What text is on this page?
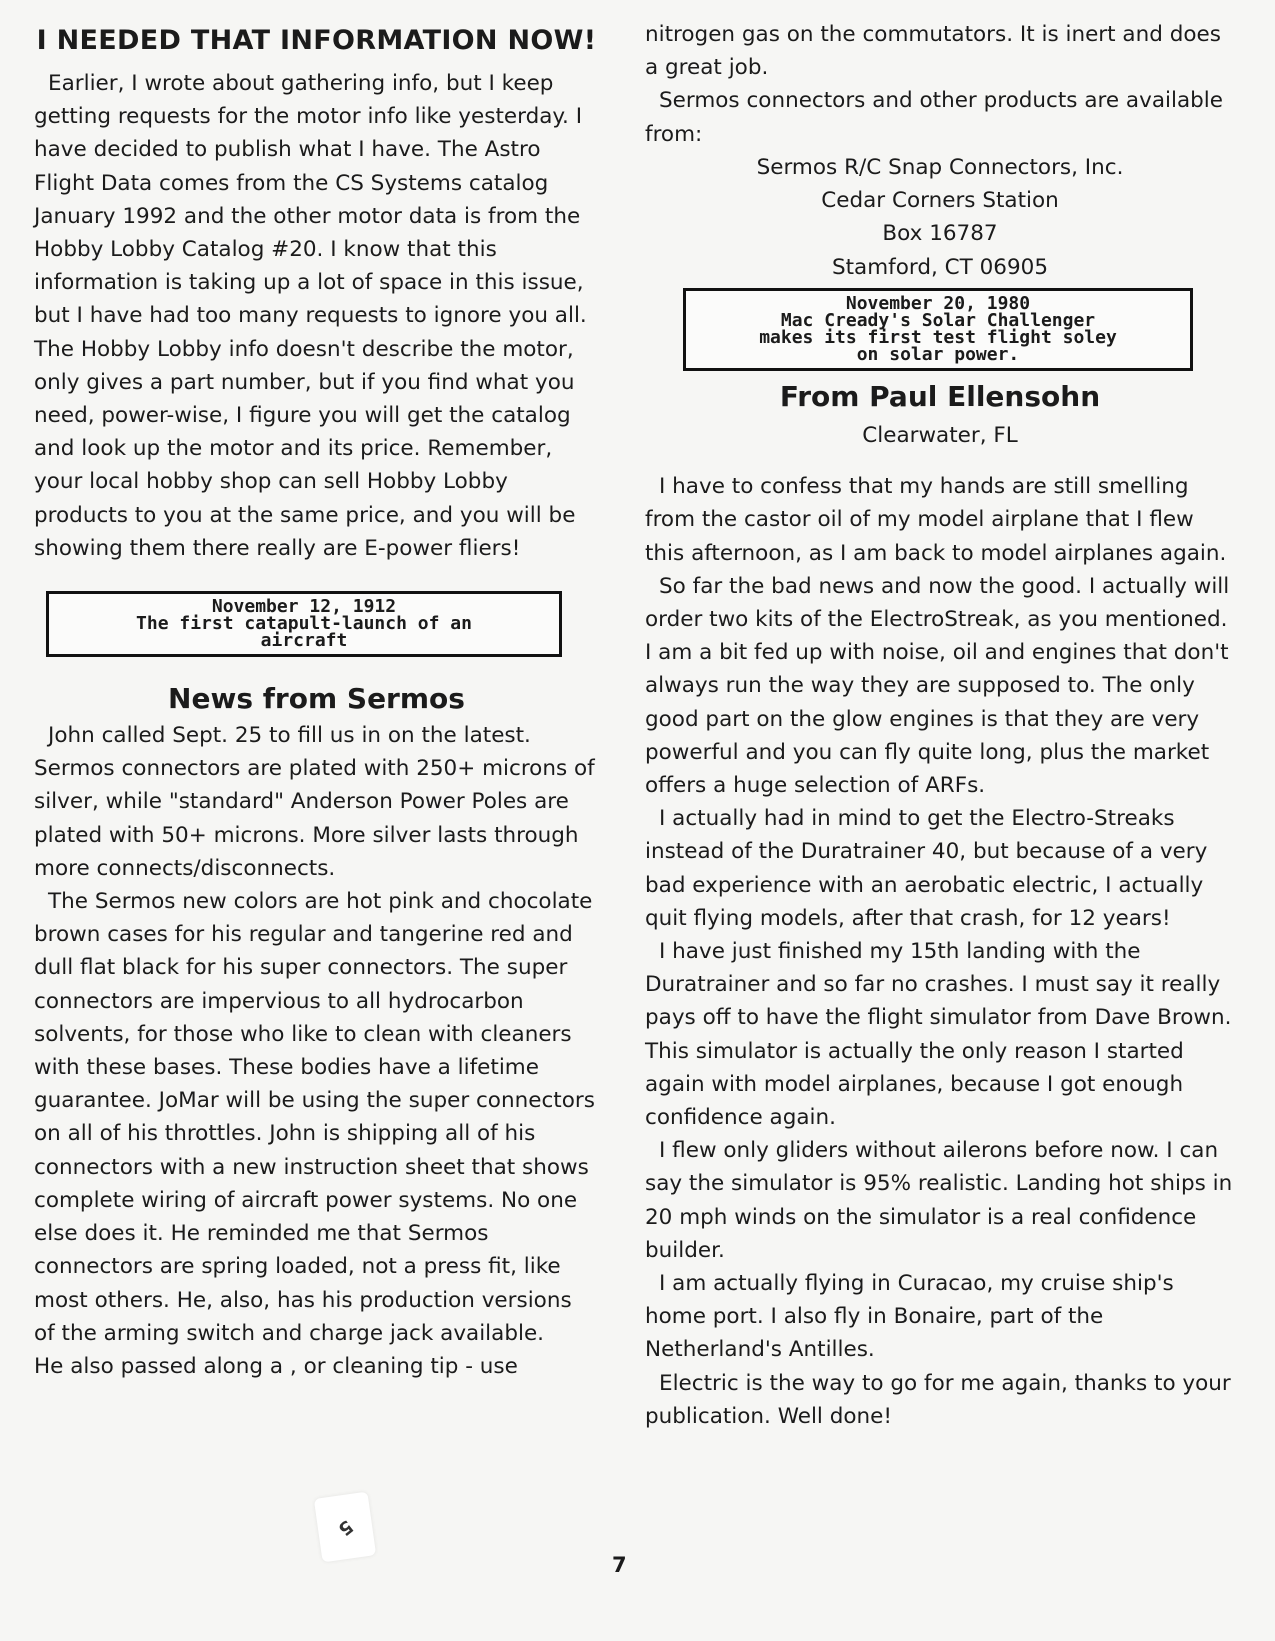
I NEEDED THAT INFORMATION NOW!

Earlier, I wrote about gathering info, but I keep getting requests for the motor info like yesterday. I have decided to publish what I have. The Astro Flight Data comes from the CS Systems catalog January 1992 and the other motor data is from the Hobby Lobby Catalog #20. I know that this information is taking up a lot of space in this issue, but I have had too many requests to ignore you all. The Hobby Lobby info doesn't describe the motor, only gives a part number, but if you find what you need, power-wise, I figure you will get the catalog and look up the motor and its price. Remember, your local hobby shop can sell Hobby Lobby products to you at the same price, and you will be showing them there really are E-power fliers!

November 12, 1912
The first catapult-launch of an
aircraft
News from Sermos

John called Sept. 25 to fill us in on the latest. Sermos connectors are plated with 250+ microns of silver, while "standard" Anderson Power Poles are plated with 50+ microns. More silver lasts through more connects/disconnects.

The Sermos new colors are hot pink and chocolate brown cases for his regular and tangerine red and dull flat black for his super connectors. The super connectors are impervious to all hydrocarbon solvents, for those who like to clean with cleaners with these bases. These bodies have a lifetime guarantee. JoMar will be using the super connectors on all of his throttles. John is shipping all of his connectors with a new instruction sheet that shows complete wiring of aircraft power systems. No one else does it. He reminded me that Sermos connectors are spring loaded, not a press fit, like most others. He, also, has his production versions of the arming switch and charge jack available.

He also passed along a , or cleaning tip - use

nitrogen gas on the commutators. It is inert and does a great job.

Sermos connectors and other products are available from:

Sermos R/C Snap Connectors, Inc.
Cedar Corners Station
Box 16787
Stamford, CT 06905
November 20, 1980
Mac Cready's Solar Challenger
makes its first test flight soley
on solar power.
From Paul Ellensohn
Clearwater, FL

I have to confess that my hands are still smelling from the castor oil of my model airplane that I flew this afternoon, as I am back to model airplanes again.

So far the bad news and now the good. I actually will order two kits of the ElectroStreak, as you mentioned. I am a bit fed up with noise, oil and engines that don't always run the way they are supposed to. The only good part on the glow engines is that they are very powerful and you can fly quite long, plus the market offers a huge selection of ARFs.

I actually had in mind to get the Electro-Streaks instead of the Duratrainer 40, but because of a very bad experience with an aerobatic electric, I actually quit flying models, after that crash, for 12 years!

I have just finished my 15th landing with the Duratrainer and so far no crashes. I must say it really pays off to have the flight simulator from Dave Brown. This simulator is actually the only reason I started again with model airplanes, because I got enough confidence again.

I flew only gliders without ailerons before now. I can say the simulator is 95% realistic. Landing hot ships in 20 mph winds on the simulator is a real confidence builder.

I am actually flying in Curacao, my cruise ship's home port. I also fly in Bonaire, part of the Netherland's Antilles.

Electric is the way to go for me again, thanks to your publication. Well done!

5
7
